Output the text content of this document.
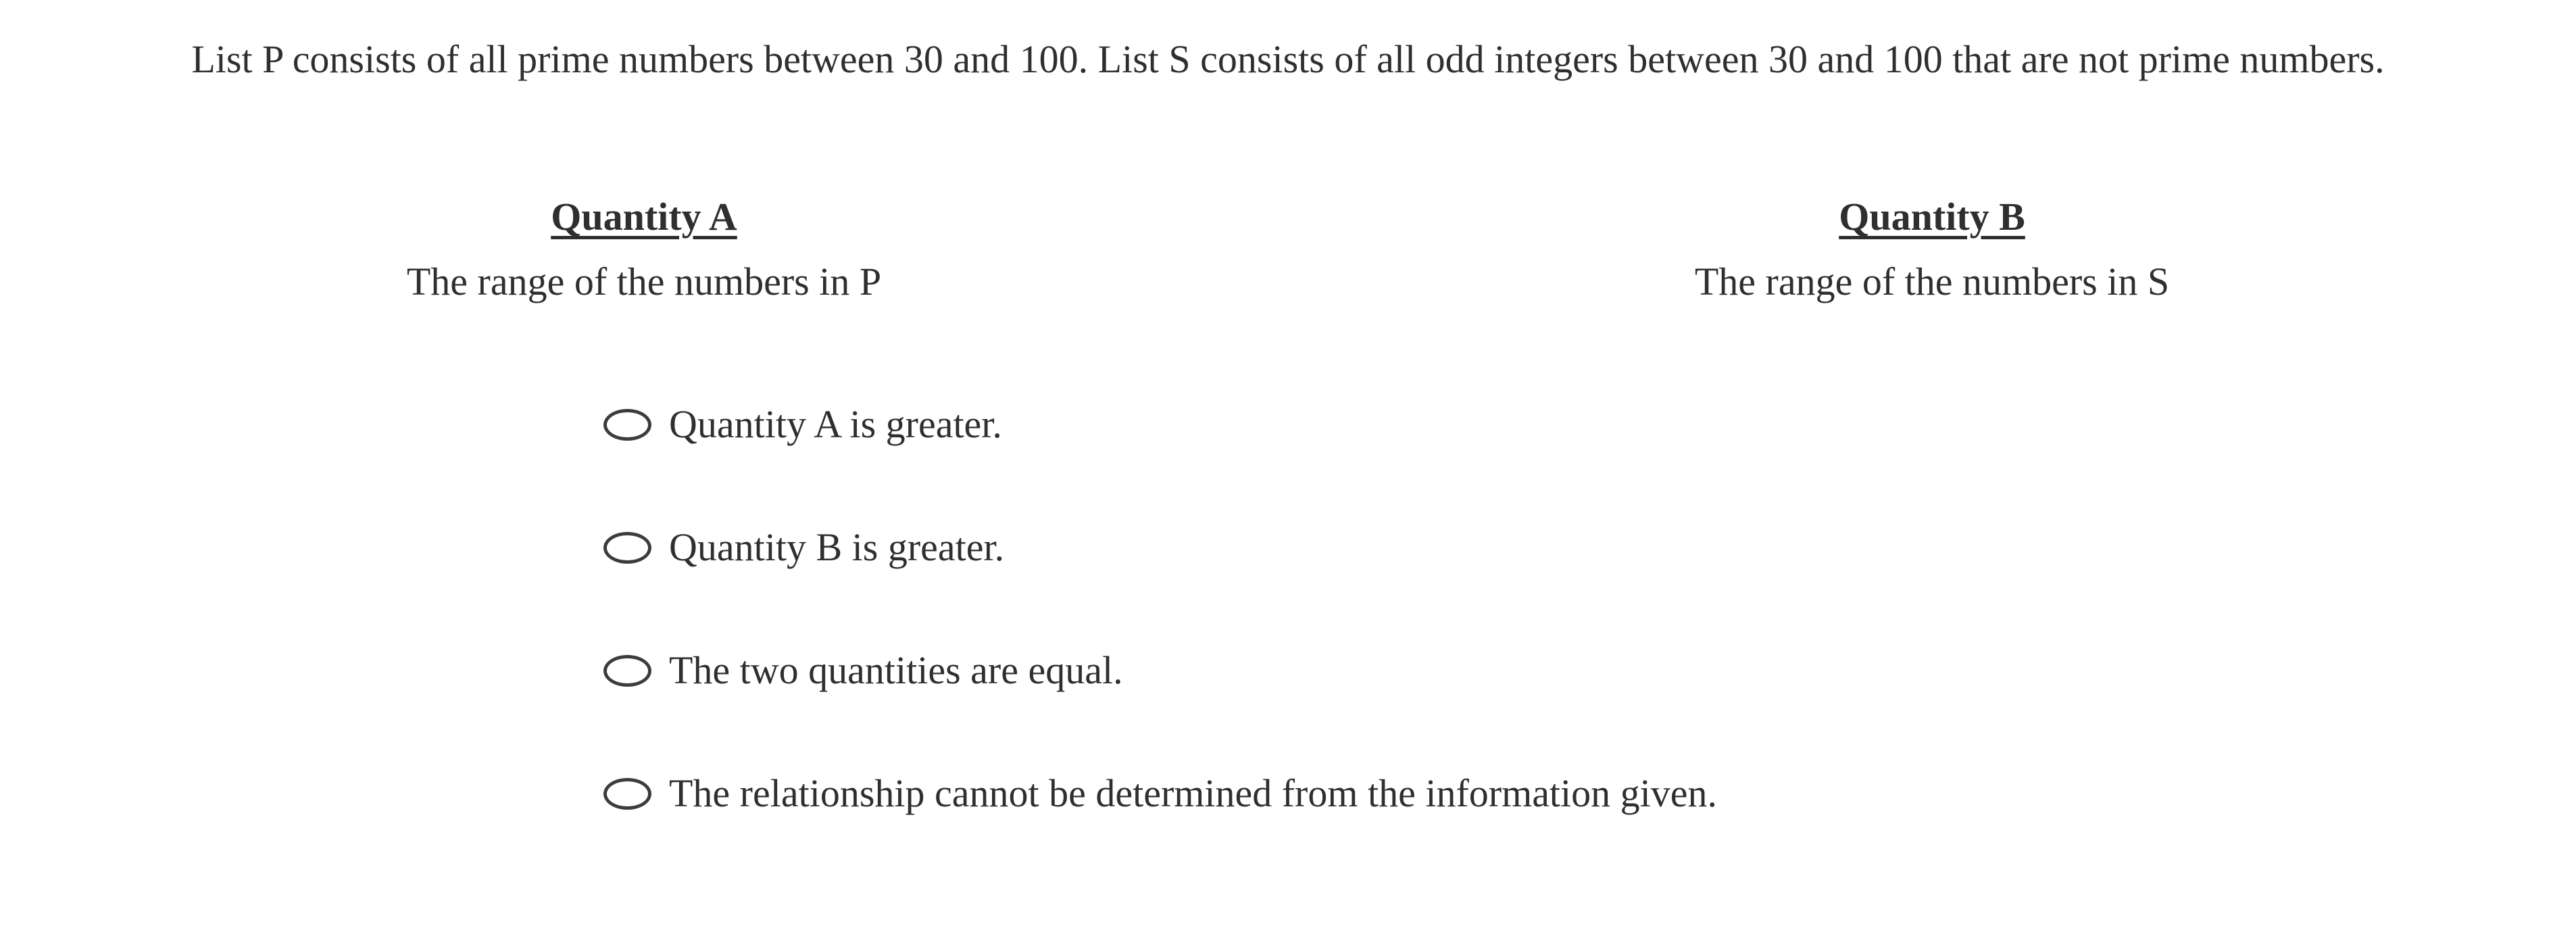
List P consists of all prime numbers between 30 and 100. List S consists of all odd integers between 30 and 100 that are not prime numbers.

Quantity A
The range of the numbers in P
Quantity B
The range of the numbers in S
Quantity A is greater.
Quantity B is greater.
The two quantities are equal.
The relationship cannot be determined from the information given.
